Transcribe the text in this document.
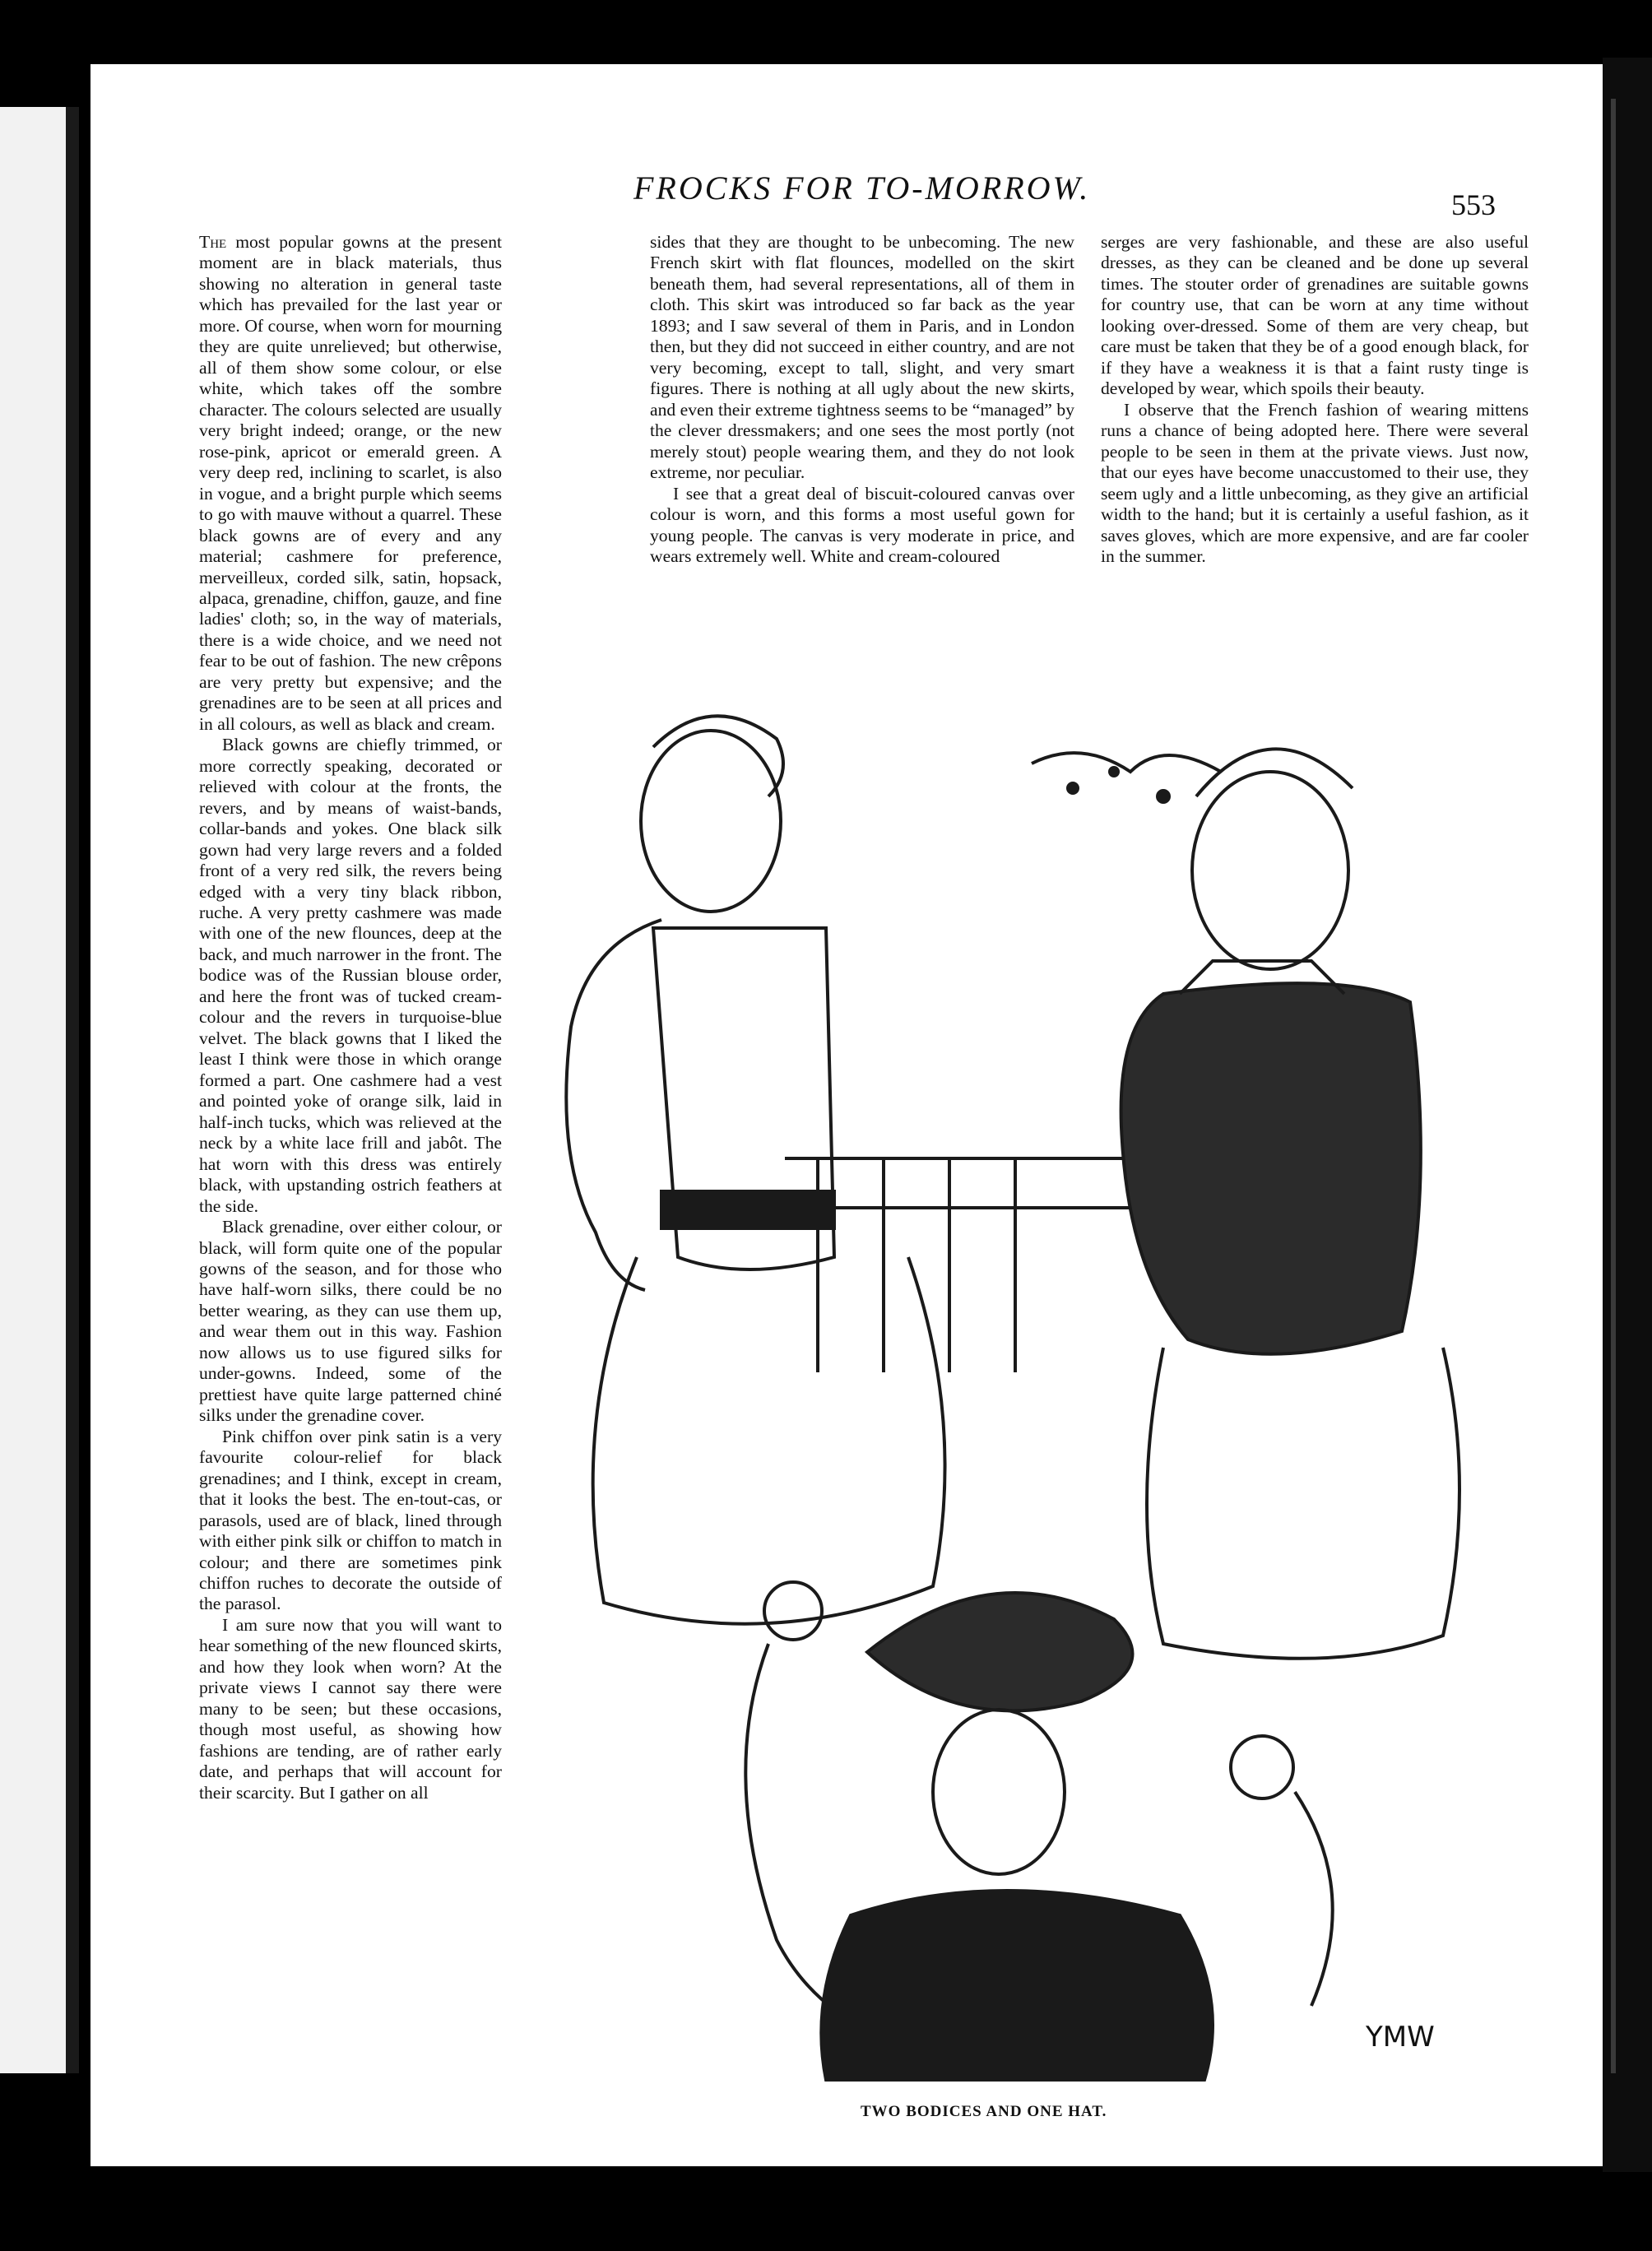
FROCKS FOR TO-MORROW.	553

The most popular gowns at the present moment are in black materials, thus showing no alteration in general taste which has prevailed for the last year or more. Of course, when worn for mourning they are quite unrelieved; but otherwise, all of them show some colour, or else white, which takes off the sombre character. The colours selected are usually very bright indeed; orange, or the new rose-pink, apricot or emerald green. A very deep red, inclining to scarlet, is also in vogue, and a bright purple which seems to go with mauve without a quarrel. These black gowns are of every and any material; cashmere for preference, merveilleux, corded silk, satin, hopsack, alpaca, grenadine, chiffon, gauze, and fine ladies' cloth; so, in the way of materials, there is a wide choice, and we need not fear to be out of fashion. The new crêpons are very pretty but expensive; and the grenadines are to be seen at all prices and in all colours, as well as black and cream.

Black gowns are chiefly trimmed, or more correctly speaking, decorated or relieved with colour at the fronts, the revers, and by means of waist-bands, collar-bands and yokes. One black silk gown had very large revers and a folded front of a very red silk, the revers being edged with a very tiny black ribbon, ruche. A very pretty cashmere was made with one of the new flounces, deep at the back, and much narrower in the front. The bodice was of the Russian blouse order, and here the front was of tucked cream-colour and the revers in turquoise-blue velvet. The black gowns that I liked the least I think were those in which orange formed a part. One cashmere had a vest and pointed yoke of orange silk, laid in half-inch tucks, which was relieved at the neck by a white lace frill and jabôt. The hat worn with this dress was entirely black, with upstanding ostrich feathers at the side.

Black grenadine, over either colour, or black, will form quite one of the popular gowns of the season, and for those who have half-worn silks, there could be no better wearing, as they can use them up, and wear them out in this way. Fashion now allows us to use figured silks for under-gowns. Indeed, some of the prettiest have quite large patterned chiné silks under the grenadine cover.

Pink chiffon over pink satin is a very favourite colour-relief for black grenadines; and I think, except in cream, that it looks the best. The en-tout-cas, or parasols, used are of black, lined through with either pink silk or chiffon to match in colour; and there are sometimes pink chiffon ruches to decorate the outside of the parasol.

I am sure now that you will want to hear something of the new flounced skirts, and how they look when worn? At the private views I cannot say there were many to be seen; but these occasions, though most useful, as showing how fashions are tending, are of rather early date, and perhaps that will account for their scarcity. But I gather on all

sides that they are thought to be unbecoming. The new French skirt with flat flounces, modelled on the skirt beneath them, had several representations, all of them in cloth. This skirt was introduced so far back as the year 1893; and I saw several of them in Paris, and in London then, but they did not succeed in either country, and are not very becoming, except to tall, slight, and very smart figures. There is nothing at all ugly about the new skirts, and even their extreme tightness seems to be “managed” by the clever dressmakers; and one sees the most portly (not merely stout) people wearing them, and they do not look extreme, nor peculiar.

I see that a great deal of biscuit-coloured canvas over colour is worn, and this forms a most useful gown for young people. The canvas is very moderate in price, and wears extremely well. White and cream-coloured

serges are very fashionable, and these are also useful dresses, as they can be cleaned and be done up several times. The stouter order of grenadines are suitable gowns for country use, that can be worn at any time without looking over-dressed. Some of them are very cheap, but care must be taken that they be of a good enough black, for if they have a weakness it is that a faint rusty tinge is developed by wear, which spoils their beauty.

I observe that the French fashion of wearing mittens runs a chance of being adopted here. There were several people to be seen in them at the private views. Just now, that our eyes have become unaccustomed to their use, they seem ugly and a little unbecoming, as they give an artificial width to the hand; but it is certainly a useful fashion, as it saves gloves, which are more expensive, and are far cooler in the summer.

YMW
TWO BODICES AND ONE HAT.
